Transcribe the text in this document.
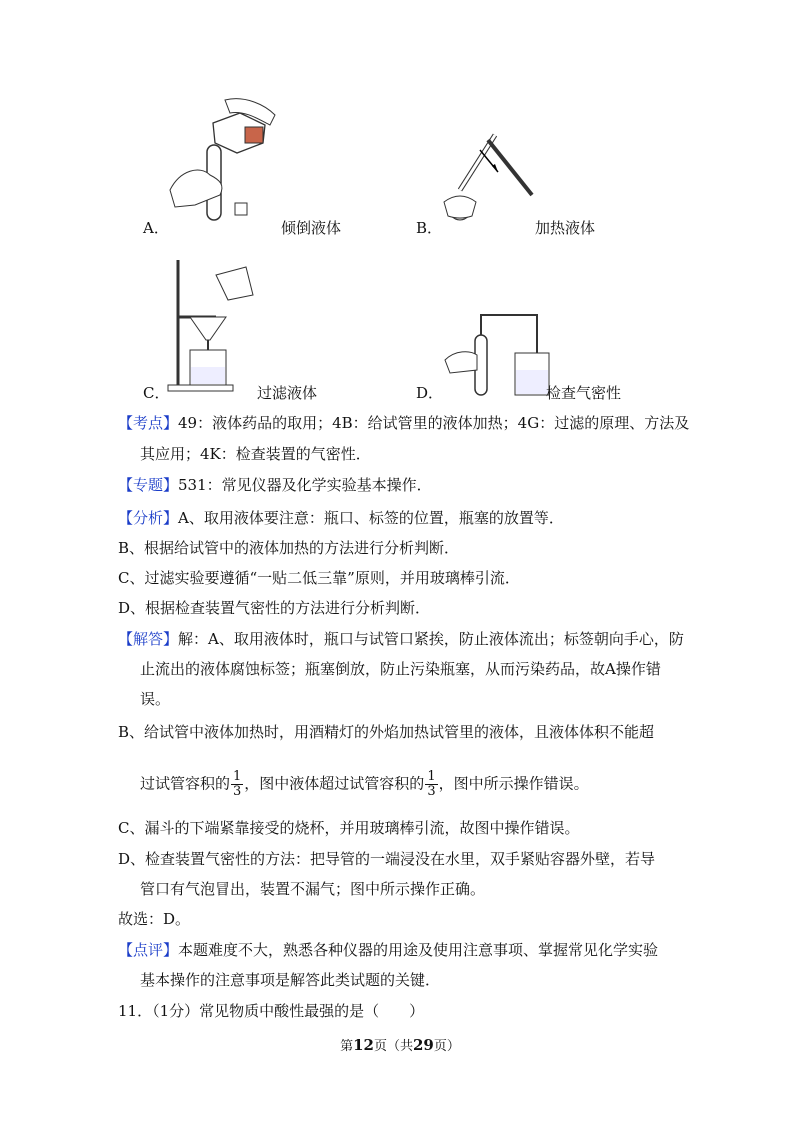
A．	倾倒液体	B．	加热液体
C．	过滤液体	D．	检查气密性
【考点】49：液体药品的取用；4B：给试管里的液体加热；4G：过滤的原理、方法及
其应用；4K：检查装置的气密性．
【专题】531：常见仪器及化学实验基本操作．
【分析】A、取用液体要注意：瓶口、标签的位置，瓶塞的放置等．
B、根据给试管中的液体加热的方法进行分析判断．
C、过滤实验要遵循“一贴二低三靠”原则，并用玻璃棒引流．
D、根据检查装置气密性的方法进行分析判断．
【解答】解：A、取用液体时，瓶口与试管口紧挨，防止液体流出；标签朝向手心，防
止流出的液体腐蚀标签；瓶塞倒放，防止污染瓶塞，从而污染药品，故A操作错
误。
B、给试管中液体加热时，用酒精灯的外焰加热试管里的液体，且液体体积不能超
过试管容积的 $\frac{1}{3}$ ，图中液体超过试管容积的 $\frac{1}{3}$ ，图中所示操作错误。
C、漏斗的下端紧靠接受的烧杯，并用玻璃棒引流，故图中操作错误。
D、检查装置气密性的方法：把导管的一端浸没在水里，双手紧贴容器外壁，若导
管口有气泡冒出，装置不漏气；图中所示操作正确。
故选：D。
【点评】本题难度不大，熟悉各种仪器的用途及使用注意事项、掌握常见化学实验
基本操作的注意事项是解答此类试题的关键．
11．（1分）常见物质中酸性最强的是（　　）
第12页（共29页）
